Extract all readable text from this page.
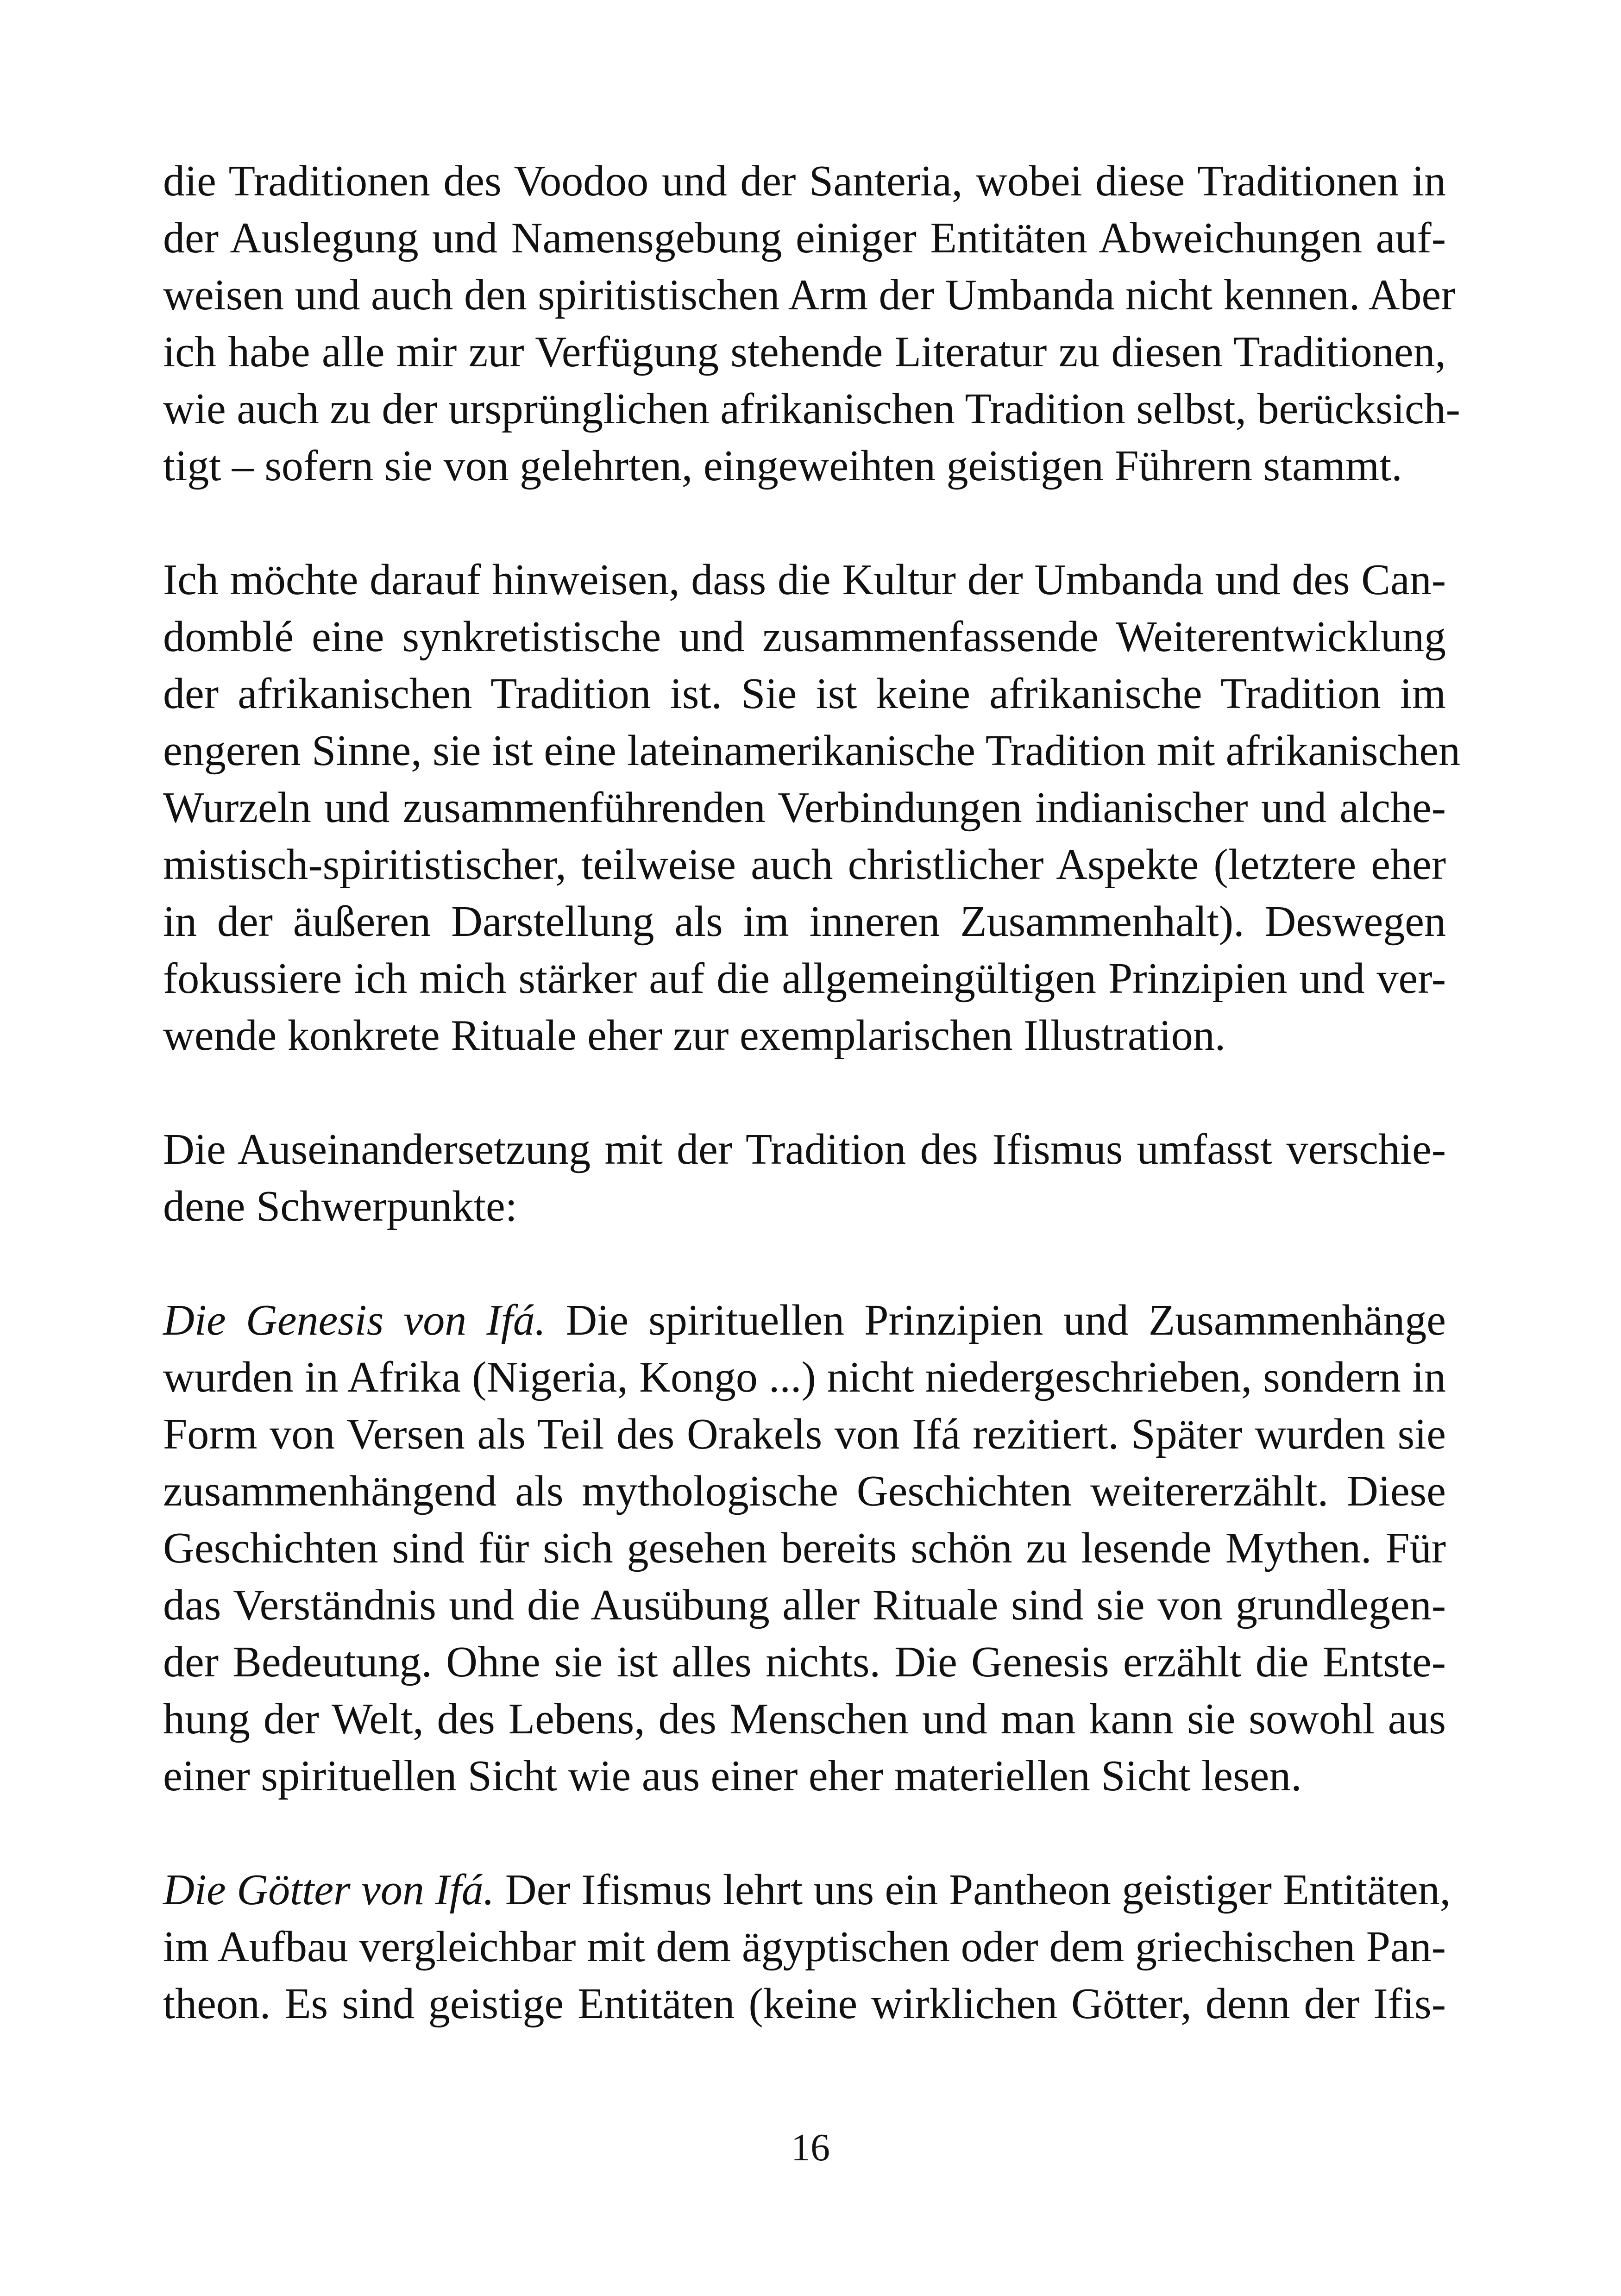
die Traditionen des Voodoo und der Santeria, wobei diese Traditionen in
der Auslegung und Namensgebung einiger Entitäten Abweichungen auf-
weisen und auch den spiritistischen Arm der Umbanda nicht kennen. Aber
ich habe alle mir zur Verfügung stehende Literatur zu diesen Traditionen,
wie auch zu der ursprünglichen afrikanischen Tradition selbst, berücksich-
tigt – sofern sie von gelehrten, eingeweihten geistigen Führern stammt.
Ich möchte darauf hinweisen, dass die Kultur der Umbanda und des Can-
domblé eine synkretistische und zusammenfassende Weiterentwicklung
der afrikanischen Tradition ist. Sie ist keine afrikanische Tradition im
engeren Sinne, sie ist eine lateinamerikanische Tradition mit afrikanischen
Wurzeln und zusammenführenden Verbindungen indianischer und alche-
mistisch-spiritistischer, teilweise auch christlicher Aspekte (letztere eher
in der äußeren Darstellung als im inneren Zusammenhalt). Deswegen
fokussiere ich mich stärker auf die allgemeingültigen Prinzipien und ver-
wende konkrete Rituale eher zur exemplarischen Illustration.
Die Auseinandersetzung mit der Tradition des Ifismus umfasst verschie-
dene Schwerpunkte:
Die Genesis von Ifá. Die spirituellen Prinzipien und Zusammenhänge
wurden in Afrika (Nigeria, Kongo ...) nicht niedergeschrieben, sondern in
Form von Versen als Teil des Orakels von Ifá rezitiert. Später wurden sie
zusammenhängend als mythologische Geschichten weitererzählt. Diese
Geschichten sind für sich gesehen bereits schön zu lesende Mythen. Für
das Verständnis und die Ausübung aller Rituale sind sie von grundlegen-
der Bedeutung. Ohne sie ist alles nichts. Die Genesis erzählt die Entste-
hung der Welt, des Lebens, des Menschen und man kann sie sowohl aus
einer spirituellen Sicht wie aus einer eher materiellen Sicht lesen.
Die Götter von Ifá. Der Ifismus lehrt uns ein Pantheon geistiger Entitäten,
im Aufbau vergleichbar mit dem ägyptischen oder dem griechischen Pan-
theon. Es sind geistige Entitäten (keine wirklichen Götter, denn der Ifis-
16
